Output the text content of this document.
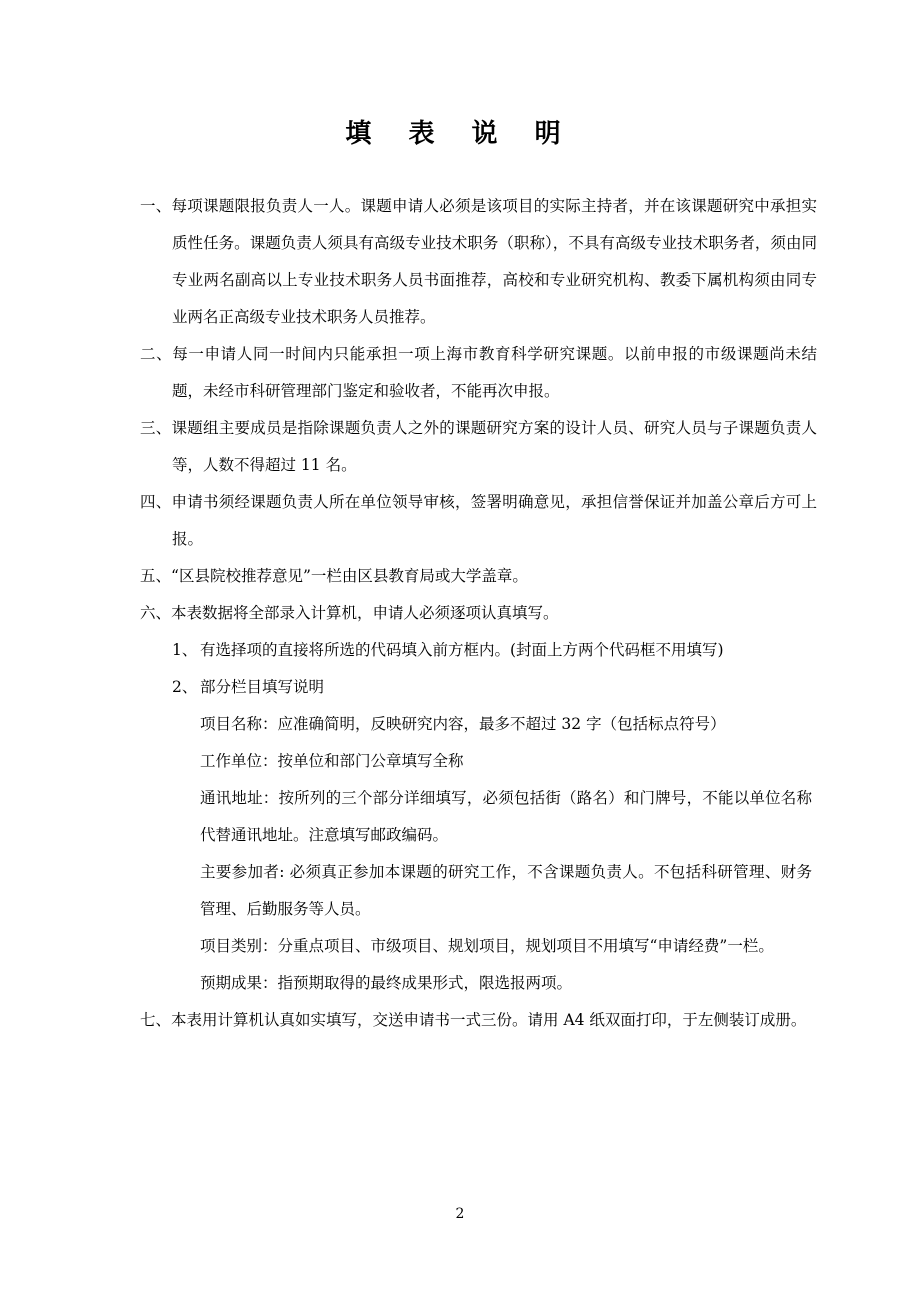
填 表 说 明
一、每项课题限报负责人一人。课题申请人必须是该项目的实际主持者，并在该课题研究中承担实质性任务。课题负责人须具有高级专业技术职务（职称），不具有高级专业技术职务者，须由同专业两名副高以上专业技术职务人员书面推荐，高校和专业研究机构、教委下属机构须由同专业两名正高级专业技术职务人员推荐。
二、每一申请人同一时间内只能承担一项上海市教育科学研究课题。以前申报的市级课题尚未结题，未经市科研管理部门鉴定和验收者，不能再次申报。
三、课题组主要成员是指除课题负责人之外的课题研究方案的设计人员、研究人员与子课题负责人等，人数不得超过 11 名。
四、申请书须经课题负责人所在单位领导审核，签署明确意见，承担信誉保证并加盖公章后方可上报。
五、“区县院校推荐意见”一栏由区县教育局或大学盖章。
六、本表数据将全部录入计算机，申请人必须逐项认真填写。
1、 有选择项的直接将所选的代码填入前方框内。(封面上方两个代码框不用填写)
2、 部分栏目填写说明
项目名称：应准确简明，反映研究内容，最多不超过 32 字（包括标点符号）
工作单位：按单位和部门公章填写全称
通讯地址：按所列的三个部分详细填写，必须包括街（路名）和门牌号，不能以单位名称代替通讯地址。注意填写邮政编码。
主要参加者: 必须真正参加本课题的研究工作，不含课题负责人。不包括科研管理、财务管理、后勤服务等人员。
项目类别：分重点项目、市级项目、规划项目，规划项目不用填写“申请经费”一栏。
预期成果：指预期取得的最终成果形式，限选报两项。
七、本表用计算机认真如实填写，交送申请书一式三份。请用 A4 纸双面打印，于左侧装订成册。
2
